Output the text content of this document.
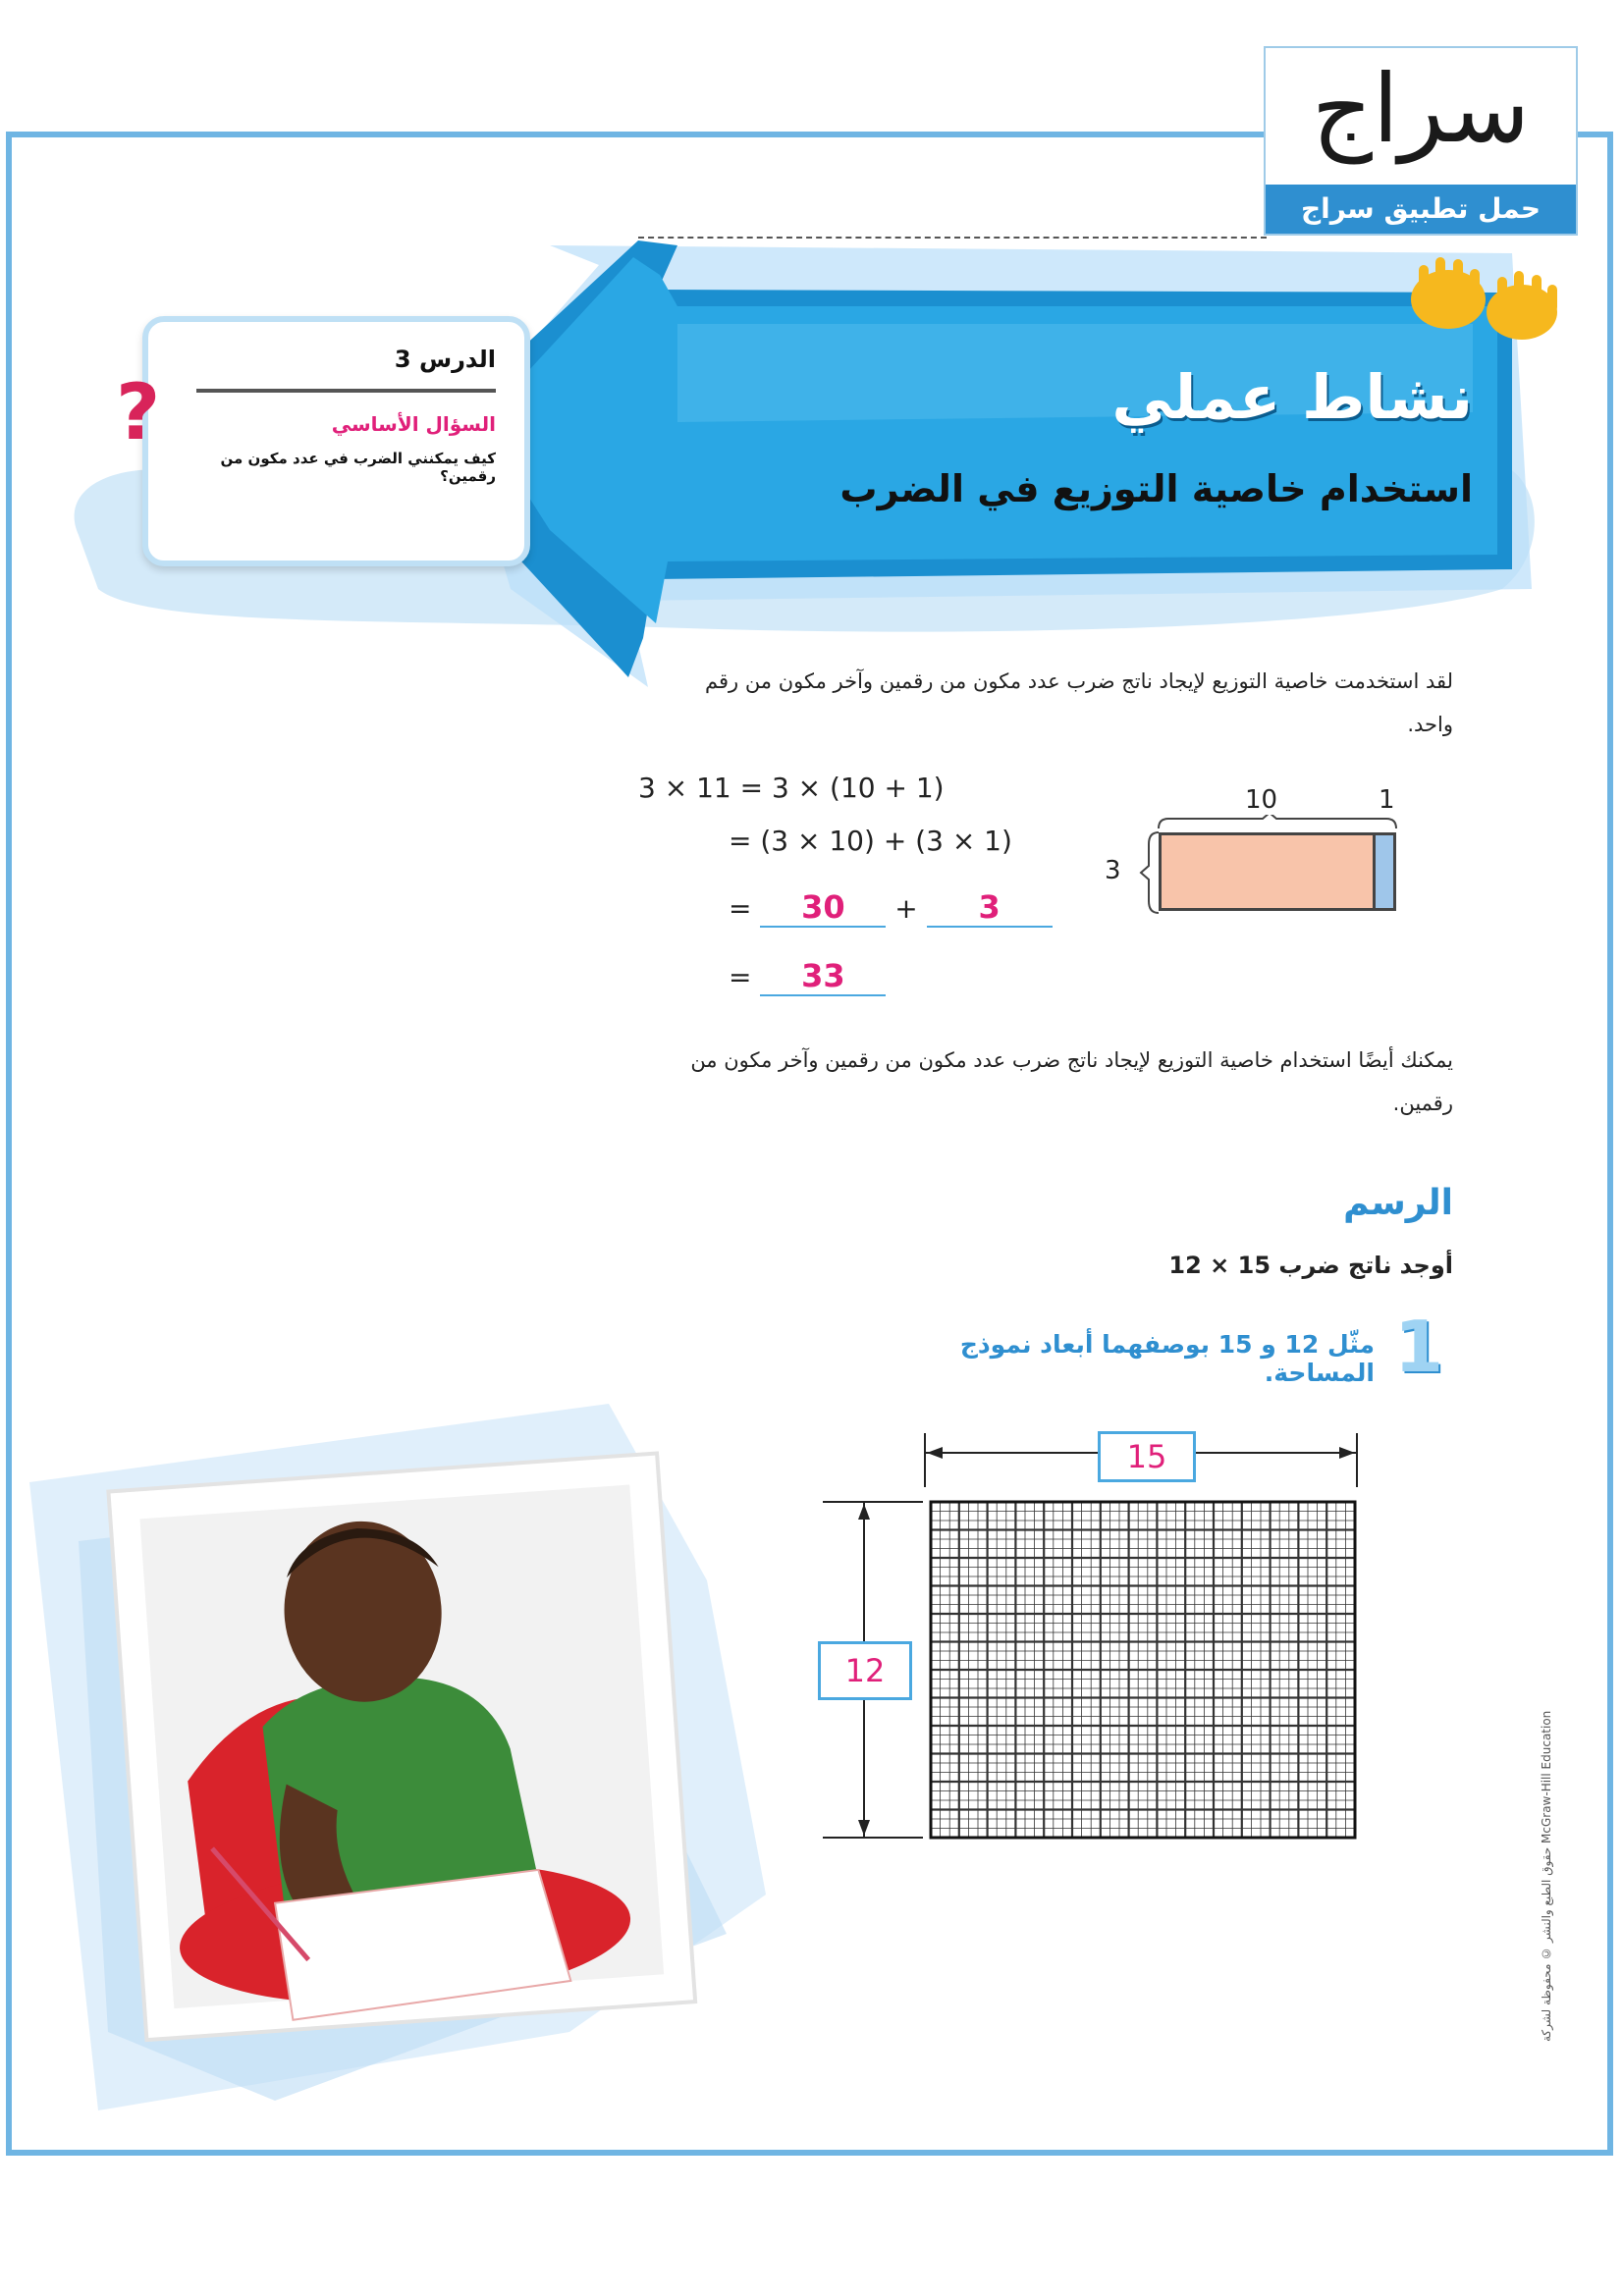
سراج
حمل تطبيق سراج
نشاط عملي
استخدام خاصية التوزيع في الضرب
الدرس 3
السؤال الأساسي
كيف يمكنني الضرب في عدد مكون من رقمين؟
?
لقد استخدمت خاصية التوزيع لإيجاد ناتج ضرب عدد مكون من رقمين وآخر مكون من رقم واحد.
3 × 11 = 3 × (10 + 1)
= (3 × 10) + (3 × 1)
= 30 + 3
= 33
10	1
3
يمكنك أيضًا استخدام خاصية التوزيع لإيجاد ناتج ضرب عدد مكون من رقمين وآخر مكون من رقمين.
الرسم
أوجد ناتج ضرب 15 × 12
1
مثّل 12 و 15 بوصفهما أبعاد نموذج المساحة.
15
12
حقوق الطبع والنشر © محفوظة لشركة McGraw-Hill Education
